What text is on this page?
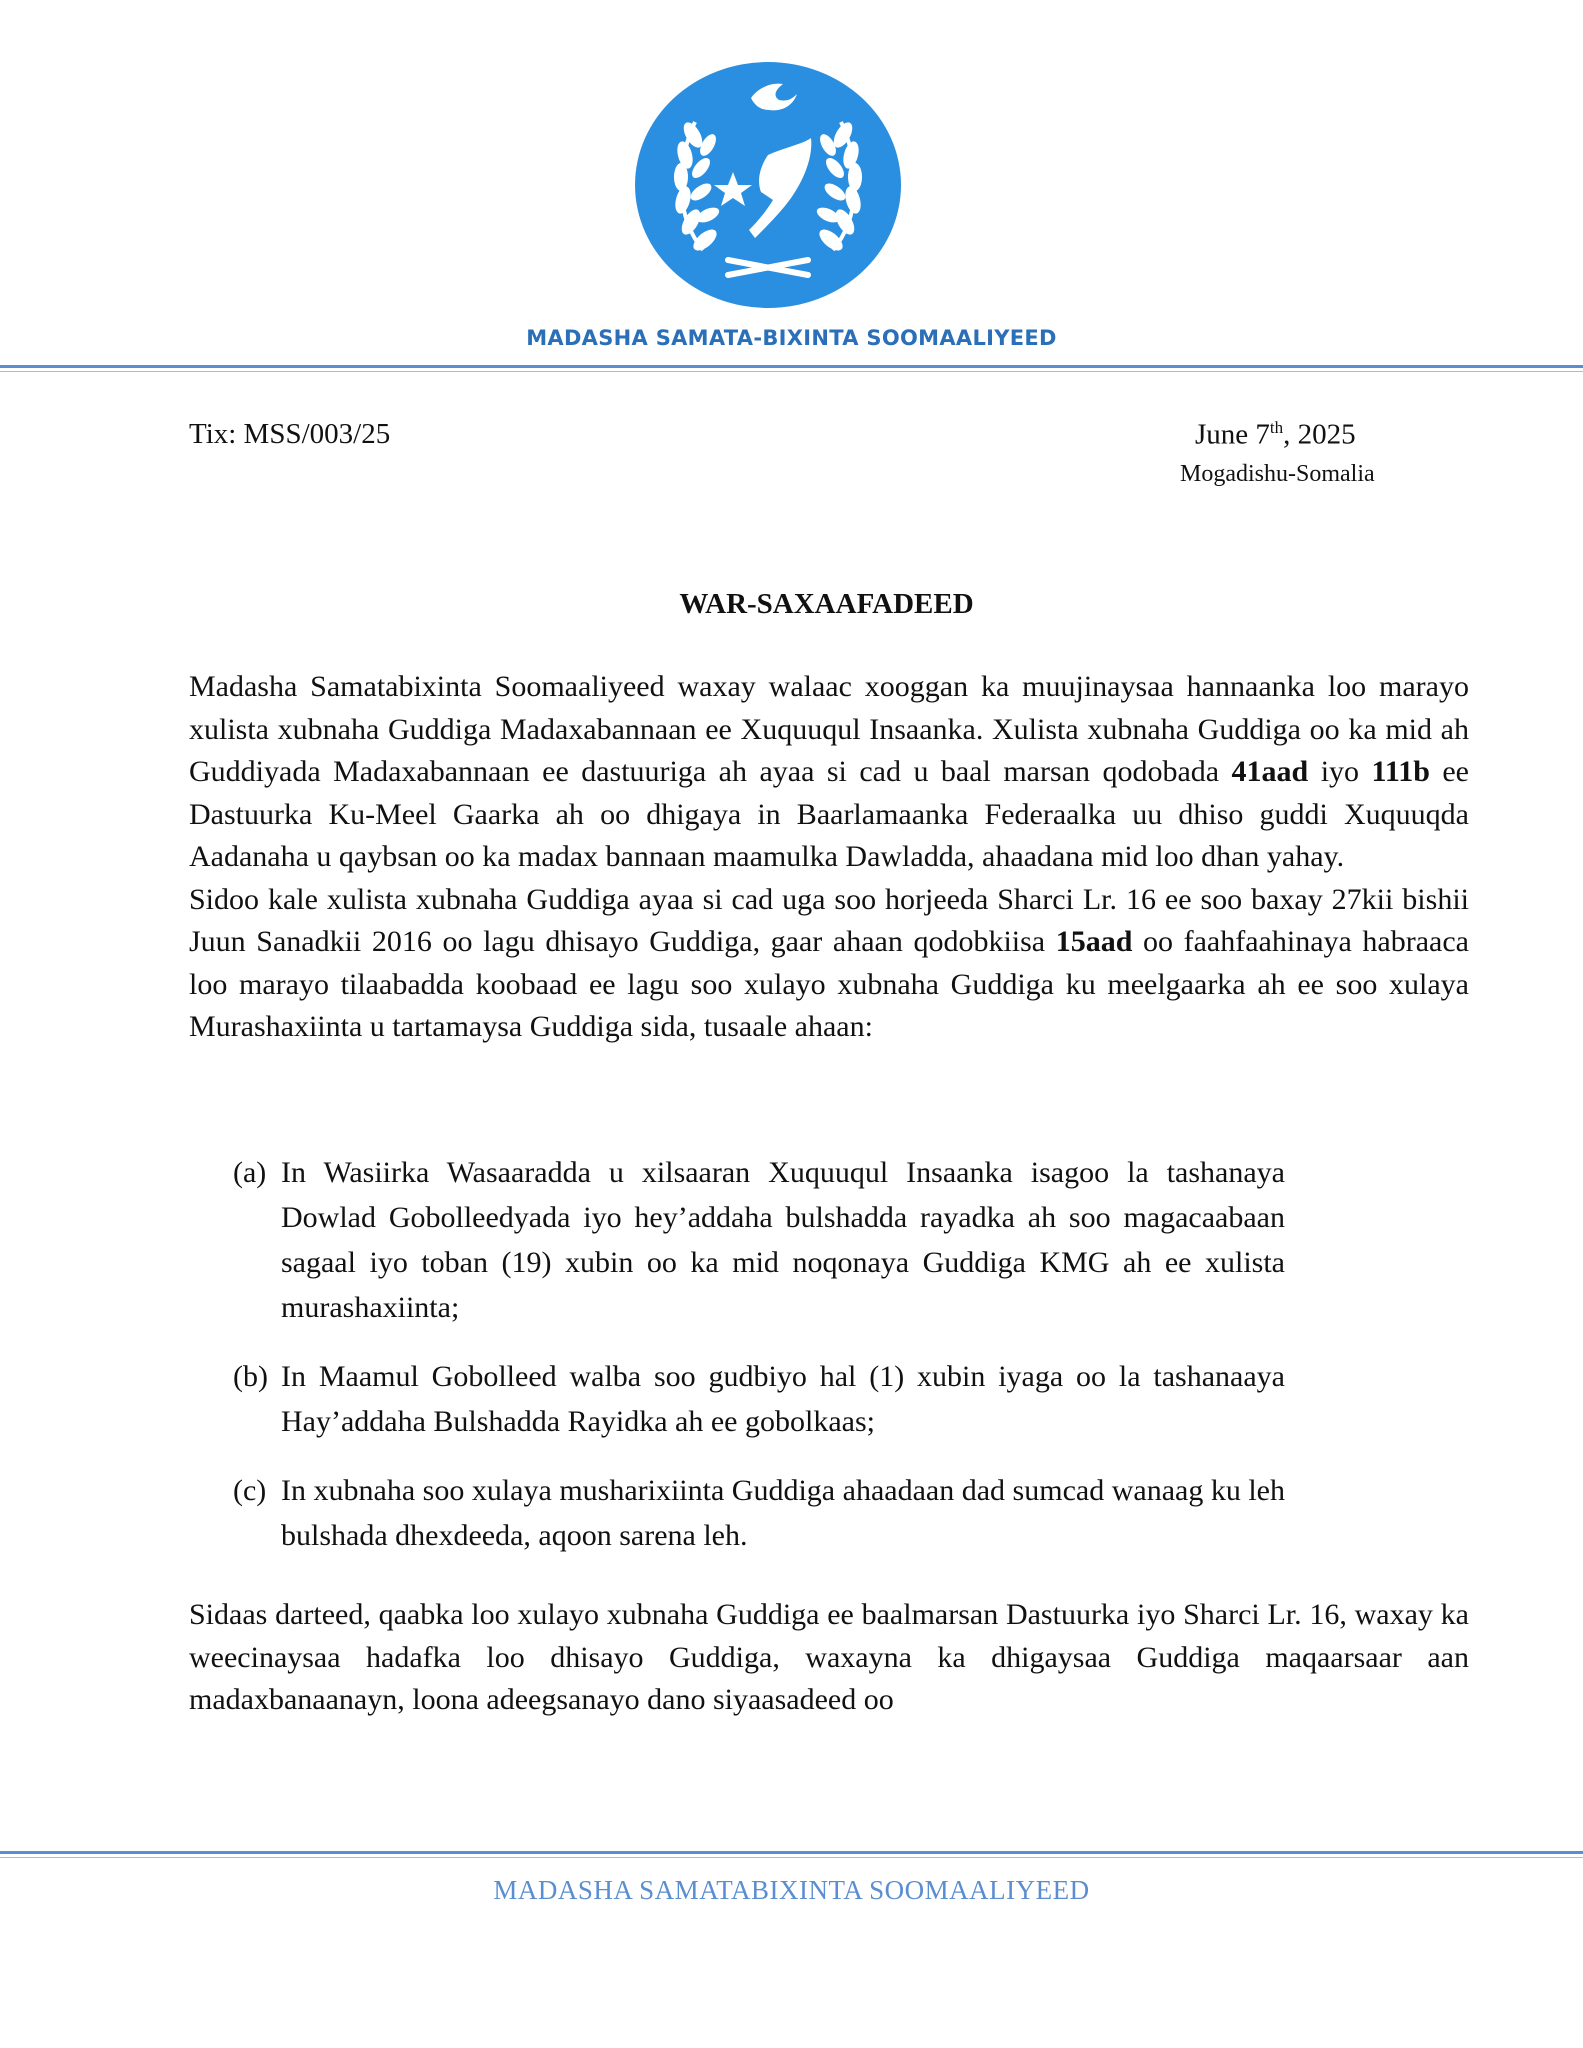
MADASHA SAMATA-BIXINTA SOOMAALIYEED
Tix: MSS/003/25	June 7th, 2025
Mogadishu-Somalia
WAR-SAXAAFADEED

Madasha Samatabixinta Soomaaliyeed waxay walaac xooggan ka muujinaysaa hannaanka loo marayo xulista xubnaha Guddiga Madaxabannaan ee Xuquuqul Insaanka. Xulista xubnaha Guddiga oo ka mid ah Guddiyada Madaxabannaan ee dastuuriga ah ayaa si cad u baal marsan qodobada 41aad iyo 111b ee Dastuurka Ku-Meel Gaarka ah oo dhigaya in Baarlamaanka Federaalka uu dhiso guddi Xuquuqda Aadanaha u qaybsan oo ka madax bannaan maamulka Dawladda, ahaadana mid loo dhan yahay.

Sidoo kale xulista xubnaha Guddiga ayaa si cad uga soo horjeeda Sharci Lr. 16 ee soo baxay 27kii bishii Juun Sanadkii 2016 oo lagu dhisayo Guddiga, gaar ahaan qodobkiisa 15aad oo faahfaahinaya habraaca loo marayo tilaabadda koobaad ee lagu soo xulayo xubnaha Guddiga ku meelgaarka ah ee soo xulaya Murashaxiinta u tartamaysa Guddiga sida, tusaale ahaan:

(a) In Wasiirka Wasaaradda u xilsaaran Xuquuqul Insaanka isagoo la tashanaya Dowlad Gobolleedyada iyo hey’addaha bulshadda rayadka ah soo magacaabaan sagaal iyo toban (19) xubin oo ka mid noqonaya Guddiga KMG ah ee xulista murashaxiinta;
(b) In Maamul Gobolleed walba soo gudbiyo hal (1) xubin iyaga oo la tashanaaya Hay’addaha Bulshadda Rayidka ah ee gobolkaas;
(c) In xubnaha soo xulaya musharixiinta Guddiga ahaadaan dad sumcad wanaag ku leh bulshada dhexdeeda, aqoon sarena leh.

Sidaas darteed, qaabka loo xulayo xubnaha Guddiga ee baalmarsan Dastuurka iyo Sharci Lr. 16, waxay ka weecinaysaa hadafka loo dhisayo Guddiga, waxayna ka dhigaysaa Guddiga maqaarsaar aan madaxbanaanayn, loona adeegsanayo dano siyaasadeed oo

MADASHA SAMATABIXINTA SOOMAALIYEED
